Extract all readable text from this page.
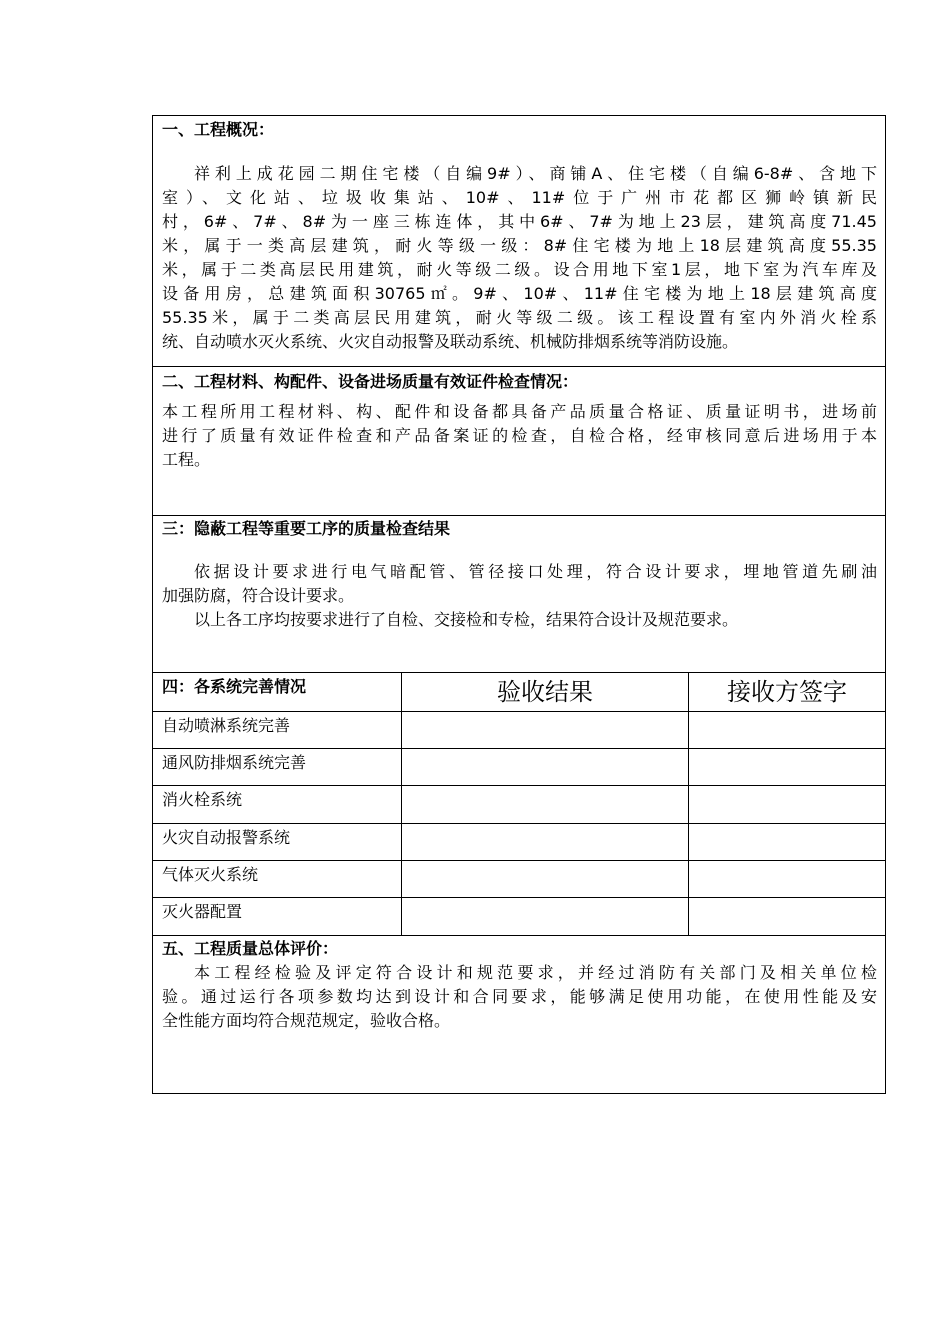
一、工程概况：
祥利上成花园二期住宅楼（自编9#）、商铺A、住宅楼（自编6-8#、含地下
室）、文化站、垃圾收集站、10#、11#位于广州市花都区狮岭镇新民
村，6#、7#、8#为一座三栋连体，其中6#、7#为地上23层，建筑高度71.45
米，属于一类高层建筑，耐火等级一级：8#住宅楼为地上18层建筑高度55.35
米，属于二类高层民用建筑，耐火等级二级。设合用地下室1层，地下室为汽车库及
设备用房，总建筑面积30765㎡。9#、10#、11#住宅楼为地上18层建筑高度
55.35米，属于二类高层民用建筑，耐火等级二级。该工程设置有室内外消火栓系
统、自动喷水灭火系统、火灾自动报警及联动系统、机械防排烟系统等消防设施。
二、工程材料、构配件、设备进场质量有效证件检查情况：
本工程所用工程材料、构、配件和设备都具备产品质量合格证、质量证明书，进场前
进行了质量有效证件检查和产品备案证的检查，自检合格，经审核同意后进场用于本
工程。
三：隐蔽工程等重要工序的质量检查结果
依据设计要求进行电气暗配管、管径接口处理，符合设计要求，埋地管道先刷油
加强防腐，符合设计要求。
以上各工序均按要求进行了自检、交接检和专检，结果符合设计及规范要求。
四：各系统完善情况	验收结果	接收方签字
自动喷淋系统完善
通风防排烟系统完善
消火栓系统
火灾自动报警系统
气体灭火系统
灭火器配置
五、工程质量总体评价：
本工程经检验及评定符合设计和规范要求，并经过消防有关部门及相关单位检
验。通过运行各项参数均达到设计和合同要求，能够满足使用功能，在使用性能及安
全性能方面均符合规范规定，验收合格。
